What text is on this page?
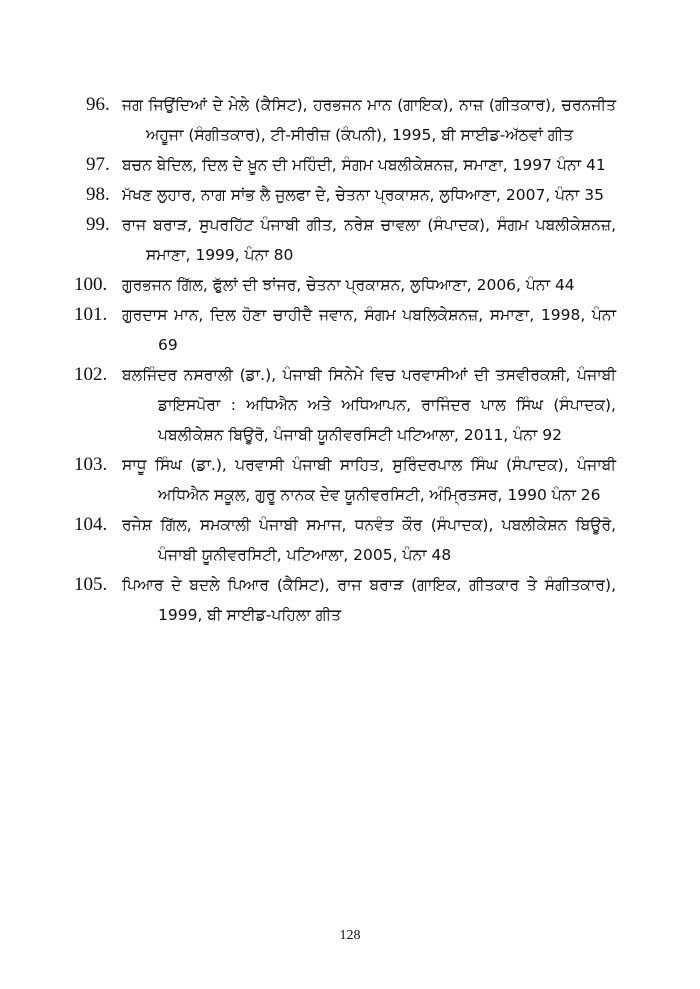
96. ਜਗ ਜਿਉਂਦਿਆਂ ਦੇ ਮੇਲੇ (ਕੈਸਿਟ), ਹਰਭਜਨ ਮਾਨ (ਗਾਇਕ), ਨਾਜ਼ (ਗੀਤਕਾਰ), ਚਰਨਜੀਤ ਅਹੂਜਾ (ਸੰਗੀਤਕਾਰ), ਟੀ-ਸੀਰੀਜ਼ (ਕੰਪਨੀ), 1995, ਬੀ ਸਾਈਡ-ਅੱਠਵਾਂ ਗੀਤ
97. ਬਚਨ ਬੇਦਿਲ, ਦਿਲ ਦੇ ਖ਼ੂਨ ਦੀ ਮਹਿੰਦੀ, ਸੰਗਮ ਪਬਲੀਕੇਸ਼ਨਜ਼, ਸਮਾਣਾ, 1997 ਪੰਨਾ 41
98. ਮੱਖਣ ਲੁਹਾਰ, ਨਾਗ ਸਾਂਭ ਲੈ ਜੁਲਫਾ ਦੇ, ਚੇਤਨਾ ਪ੍ਰਕਾਸ਼ਨ, ਲੁਧਿਆਣਾ, 2007, ਪੰਨਾ 35
99. ਰਾਜ ਬਰਾੜ, ਸੁਪਰਹਿੱਟ ਪੰਜਾਬੀ ਗੀਤ, ਨਰੇਸ਼ ਚਾਵਲਾ (ਸੰਪਾਦਕ), ਸੰਗਮ ਪਬਲੀਕੇਸ਼ਨਜ਼, ਸਮਾਣਾ, 1999, ਪੰਨਾ 80
100. ਗੁਰਭਜਨ ਗਿੱਲ, ਫੁੱਲਾਂ ਦੀ ਝਾਂਜਰ, ਚੇਤਨਾ ਪ੍ਰਕਾਸ਼ਨ, ਲੁਧਿਆਣਾ, 2006, ਪੰਨਾ 44
101. ਗੁਰਦਾਸ ਮਾਨ, ਦਿਲ ਹੋਣਾ ਚਾਹੀਦੈ ਜਵਾਨ, ਸੰਗਮ ਪਬਲਿਕੇਸ਼ਨਜ਼, ਸਮਾਣਾ, 1998, ਪੰਨਾ 69
102. ਬਲਜਿੰਦਰ ਨਸਰਾਲੀ (ਡਾ.), ਪੰਜਾਬੀ ਸਿਨੇਮੇ ਵਿਚ ਪਰਵਾਸੀਆਂ ਦੀ ਤਸਵੀਰਕਸ਼ੀ, ਪੰਜਾਬੀ ਡਾਇਸਪੋਰਾ : ਅਧਿਐਨ ਅਤੇ ਅਧਿਆਪਨ, ਰਾਜਿੰਦਰ ਪਾਲ ਸਿੰਘ (ਸੰਪਾਦਕ), ਪਬਲੀਕੇਸ਼ਨ ਬਿਊਰੋ, ਪੰਜਾਬੀ ਯੂਨੀਵਰਸਿਟੀ ਪਟਿਆਲਾ, 2011, ਪੰਨਾ 92
103. ਸਾਧੂ ਸਿੰਘ (ਡਾ.), ਪਰਵਾਸੀ ਪੰਜਾਬੀ ਸਾਹਿਤ, ਸੁਰਿੰਦਰਪਾਲ ਸਿੰਘ (ਸੰਪਾਦਕ), ਪੰਜਾਬੀ ਅਧਿਐਨ ਸਕੂਲ, ਗੁਰੂ ਨਾਨਕ ਦੇਵ ਯੂਨੀਵਰਸਿਟੀ, ਅੰਮ੍ਰਿਤਸਰ, 1990 ਪੰਨਾ 26
104. ਰਜੇਸ਼ ਗਿੱਲ, ਸਮਕਾਲੀ ਪੰਜਾਬੀ ਸਮਾਜ, ਧਨਵੰਤ ਕੌਰ (ਸੰਪਾਦਕ), ਪਬਲੀਕੇਸ਼ਨ ਬਿਊਰੋ, ਪੰਜਾਬੀ ਯੂਨੀਵਰਸਿਟੀ, ਪਟਿਆਲਾ, 2005, ਪੰਨਾ 48
105. ਪਿਆਰ ਦੇ ਬਦਲੇ ਪਿਆਰ (ਕੈਸਿਟ), ਰਾਜ ਬਰਾੜ (ਗਾਇਕ, ਗੀਤਕਾਰ ਤੇ ਸੰਗੀਤਕਾਰ), 1999, ਬੀ ਸਾਈਡ-ਪਹਿਲਾ ਗੀਤ
128
